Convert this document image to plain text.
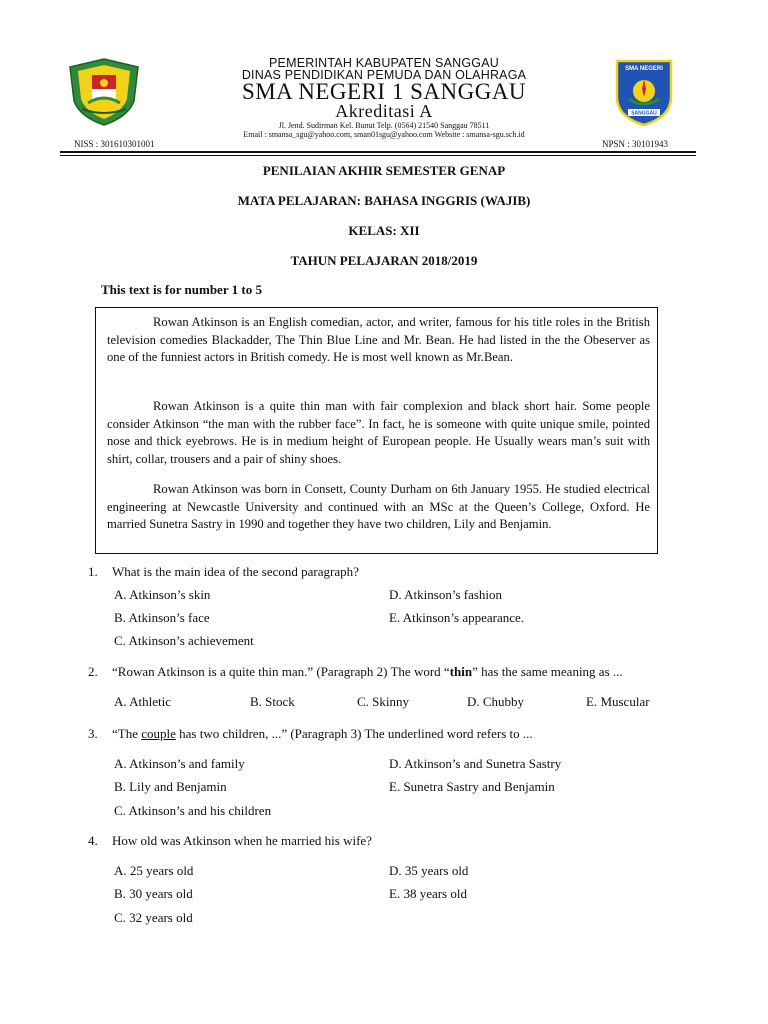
SMA NEGERI
SANGGAU
PEMERINTAH KABUPATEN SANGGAU
DINAS PENDIDIKAN PEMUDA DAN OLAHRAGA
SMA NEGERI 1 SANGGAU
Akreditasi A
Jl. Jend. Sudirman Kel. Bunut Telp. (0564) 21540 Sanggau 78511
Email : smansa_sgu@yahoo.com, sman01sgu@yahoo.com Website : smansa-sgu.sch.id
NISS : 301610301001	NPSN : 30101943
PENILAIAN AKHIR SEMESTER GENAP
MATA PELAJARAN: BAHASA INGGRIS (WAJIB)
KELAS: XII
TAHUN PELAJARAN 2018/2019
This text is for number 1 to 5

Rowan Atkinson is an English comedian, actor, and writer, famous for his title roles in the British television comedies Blackadder, The Thin Blue Line and Mr. Bean. He had listed in the the Obeserver as one of the funniest actors in British comedy. He is most well known as Mr.Bean.

Rowan Atkinson is a quite thin man with fair complexion and black short hair. Some people consider Atkinson “the man with the rubber face”. In fact, he is someone with quite unique smile, pointed nose and thick eyebrows. He is in medium height of European people. He Usually wears man’s suit with shirt, collar, trousers and a pair of shiny shoes.

Rowan Atkinson was born in Consett, County Durham on 6th January 1955. He studied electrical engineering at Newcastle University and continued with an MSc at the Queen’s College, Oxford. He married Sunetra Sastry in 1990 and together they have two children, Lily and Benjamin.

1. What is the main idea of the second paragraph?
A. Atkinson’s skin
B. Atkinson’s face
C. Atkinson’s achievement
D. Atkinson’s fashion
E. Atkinson’s appearance.
2. “Rowan Atkinson is a quite thin man.” (Paragraph 2) The word “thin” has the same meaning as ...
A. Athletic	B. Stock	C. Skinny	D. Chubby	E. Muscular
3. “The couple has two children, ...” (Paragraph 3) The underlined word refers to ...
A. Atkinson’s and family
B. Lily and Benjamin
C. Atkinson’s and his children
D. Atkinson’s and Sunetra Sastry
E. Sunetra Sastry and Benjamin
4. How old was Atkinson when he married his wife?
A. 25 years old
B. 30 years old
C. 32 years old
D. 35 years old
E. 38 years old
